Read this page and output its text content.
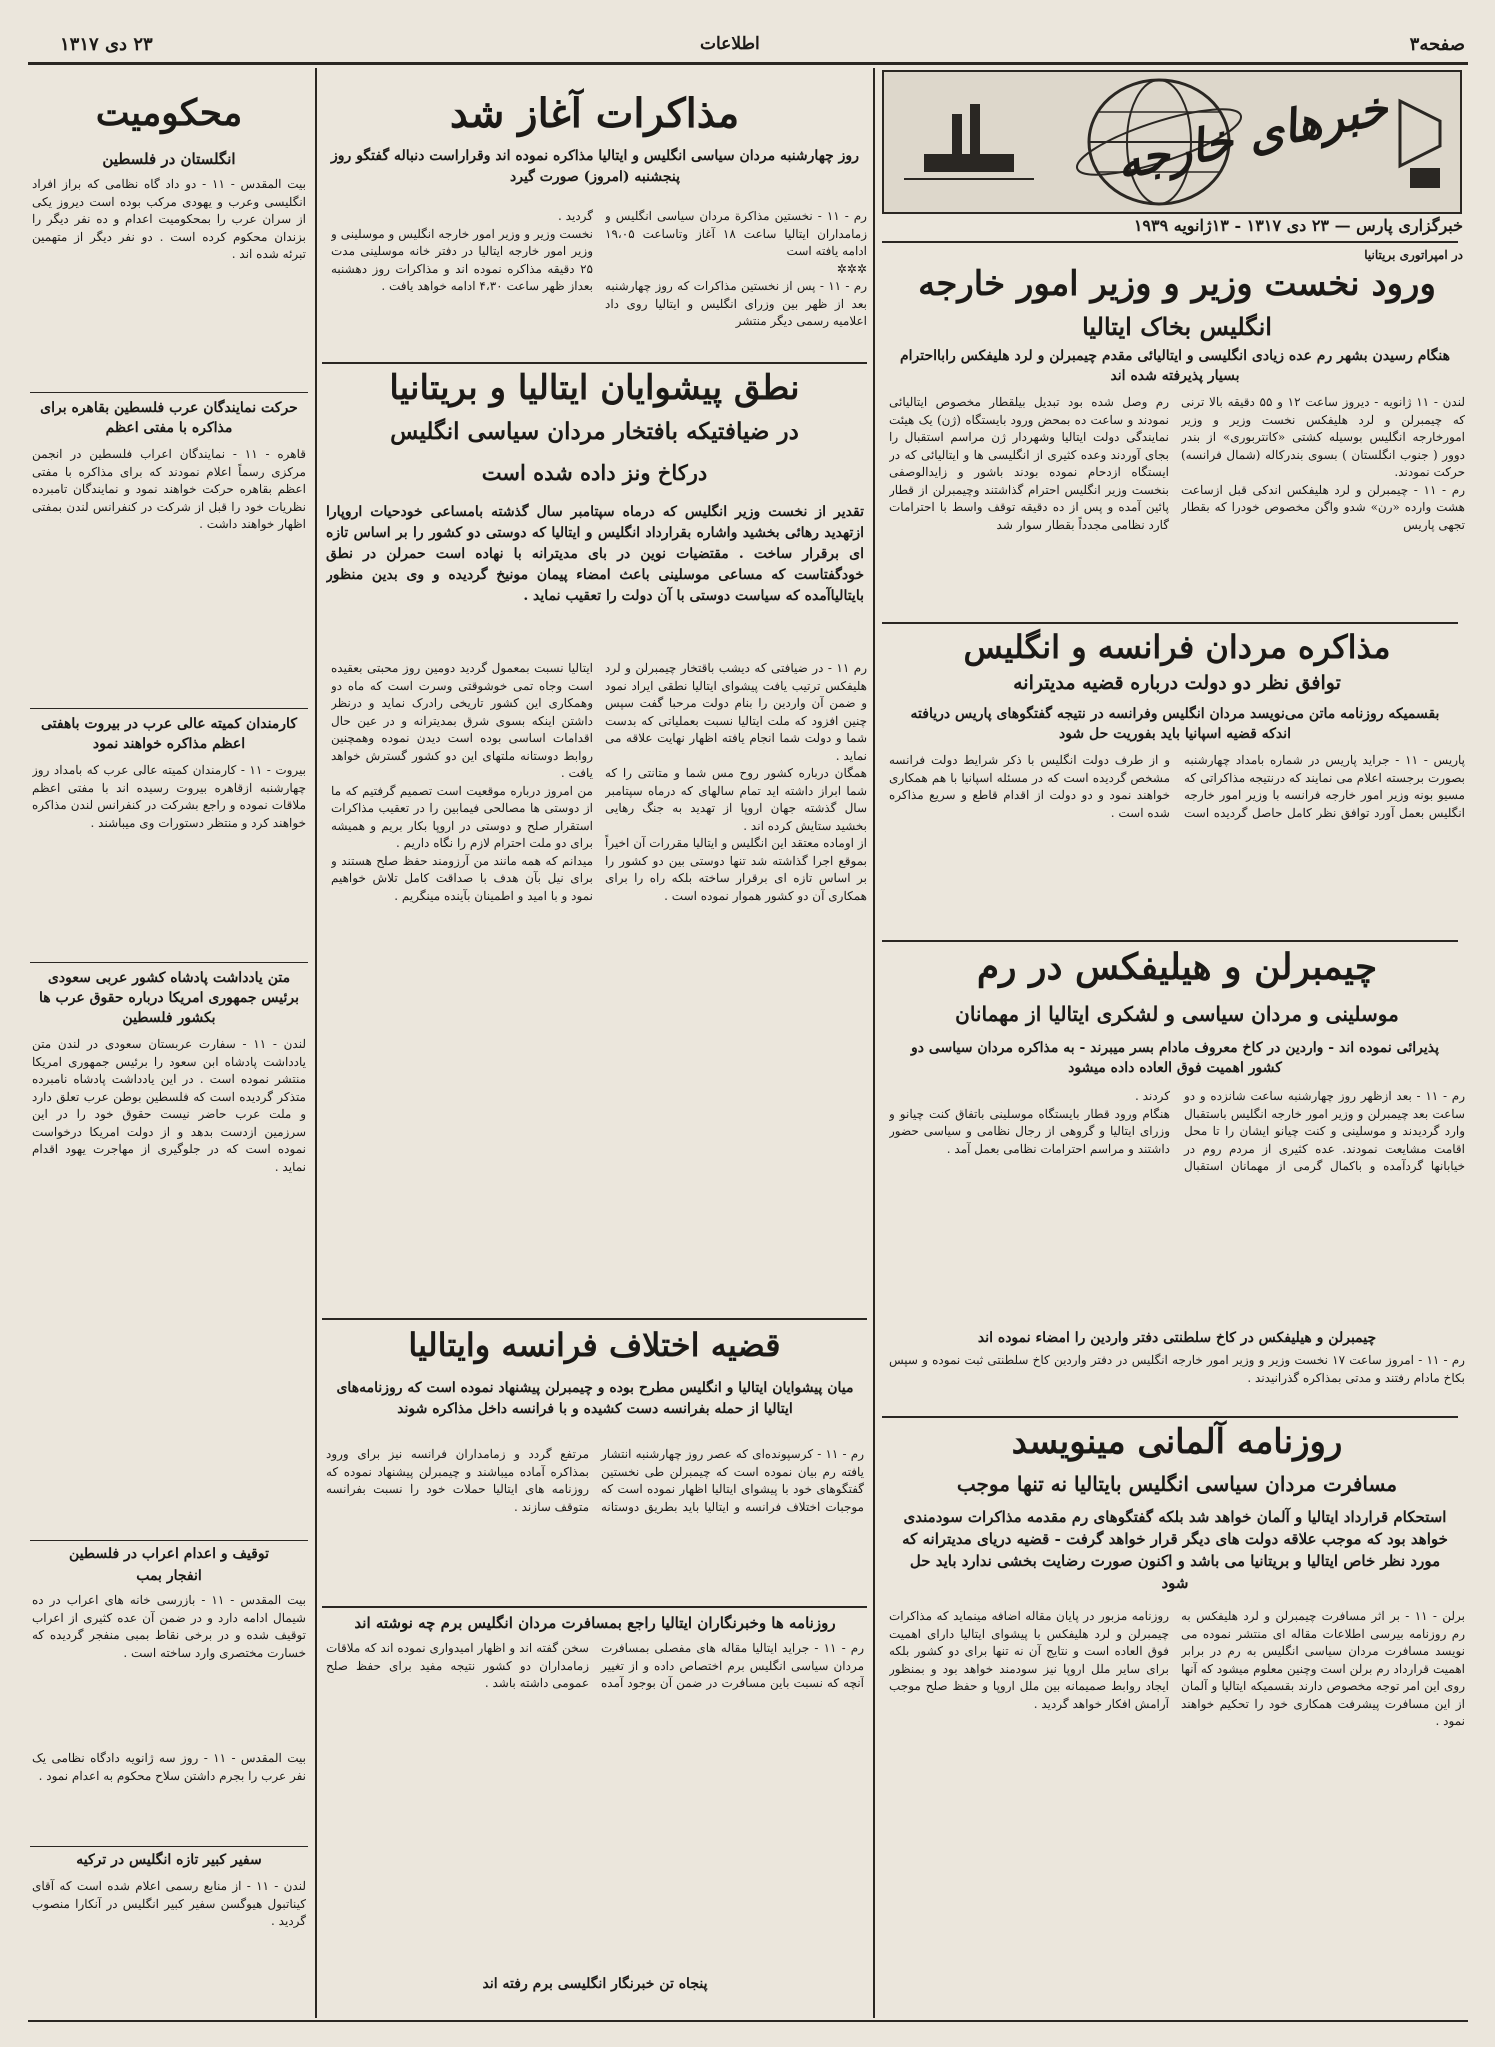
صفحه۳
اطلاعات
۲۳ دی ۱۳۱۷
خبرهای خارجه
خبرگزاری پارس — ۲۳ دی ۱۳۱۷ - ۱۳ژانویه ۱۹۳۹
در امپراتوری بریتانیا
ورود نخست وزیر و وزیر امور خارجه
انگلیس بخاک ایتالیا
هنگام رسیدن بشهر رم عده زیادی انگلیسی و ایتالیائی مقدم چیمبرلن و لرد هلیفکس رابااحترام بسیار پذیرفته شده اند

لندن - ۱۱ ژانویه - دیروز ساعت ۱۲ و ۵۵ دقیقه بالا ترنی که چیمبرلن و لرد هلیفکس نخست وزیر و وزیر امورخارجه انگلیس بوسیله کشتی «کانتربوری» از بندر دوور ( جنوب انگلستان ) بسوی بندرکاله (شمال فرانسه) حرکت نمودند.
رم - ۱۱ - چیمبرلن و لرد هلیفکس اندکی قبل ازساعت هشت وارده «رن» شدو واگن مخصوص خودرا که بقطار تجهی پاریس

رم وصل شده بود تبدیل بیلقطار مخصوص ایتالیائی نمودند و ساعت ده بمحض ورود بایستگاه (ژن) یک هیئت نمایندگی دولت ایتالیا وشهردار ژن مراسم استقبال را بجای آوردند وعده کثیری از انگلیسی ها و ایتالیائی که در ایستگاه ازدحام نموده بودند باشور و زایدالوصفی بنخست وزیر انگلیس احترام گذاشتند وچیمبرلن از قطار پائین آمده و پس از ده دقیقه توقف واسط با احترامات گارد نظامی مجدداً بقطار سوار شد

مذاکره مردان فرانسه و انگلیس
توافق نظر دو دولت درباره قضیه مدیترانه
بقسمیکه روزنامه ماتن می‌نویسد مردان انگلیس وفرانسه در نتیجه گفتگوهای پاریس دریافته اندکه قضیه اسپانیا باید بفوریت حل شود

پاریس - ۱۱ - جراید پاریس در شماره بامداد چهارشنبه بصورت برجسته اعلام می نمایند که درنتیجه مذاکراتی که مسیو بونه وزیر امور خارجه فرانسه با وزیر امور خارجه انگلیس بعمل آورد توافق نظر کامل حاصل گردیده است و از طرف دولت انگلیس با ذکر شرایط دولت فرانسه مشخص گردیده است که در مسئله اسپانیا با هم همکاری خواهند نمود و دو دولت از اقدام قاطع و سریع مذاکره شده است .

چیمبرلن و هیلیفکس در رم
موسلینی و مردان سیاسی و لشکری ایتالیا از مهمانان
پذیرائی نموده اند - واردین در کاخ معروف مادام بسر میبرند - به مذاکره مردان سیاسی دو کشور اهمیت فوق العاده داده میشود

رم - ۱۱ - بعد ازظهر روز چهارشنبه ساعت شانزده و دو ساعت بعد چیمبرلن و وزیر امور خارجه انگلیس باستقبال وارد گردیدند و موسلینی و کنت چیانو ایشان را تا محل اقامت مشایعت نمودند. عده کثیری از مردم روم در خیابانها گردآمده و باکمال گرمی از مهمانان استقبال کردند .
هنگام ورود قطار بایستگاه موسلینی باتفاق کنت چیانو و وزرای ایتالیا و گروهی از رجال نظامی و سیاسی حضور داشتند و مراسم احترامات نظامی بعمل آمد .

چیمبرلن و هیلیفکس در کاخ سلطنتی دفتر واردین را امضاء نموده اند

رم - ۱۱ - امروز ساعت ۱۷ نخست وزیر و وزیر امور خارجه انگلیس در دفتر واردین کاخ سلطنتی ثبت نموده و سپس بکاخ مادام رفتند و مدتی بمذاکره گذرانیدند .

روزنامه آلمانی مینویسد
مسافرت مردان سیاسی انگلیس بایتالیا نه تنها موجب
استحکام قرارداد ایتالیا و آلمان خواهد شد بلکه گفتگوهای رم مقدمه مذاکرات سودمندی خواهد بود که موجب علاقه دولت های دیگر قرار خواهد گرفت - قضیه دریای مدیترانه که مورد نظر خاص ایتالیا و بریتانیا می باشد و اکنون صورت رضایت بخشی ندارد باید حل شود

برلن - ۱۱ - بر اثر مسافرت چیمبرلن و لرد هلیفکس به رم روزنامه بیرسی اطلاعات مقاله ای منتشر نموده می نویسد مسافرت مردان سیاسی انگلیس به رم در برابر اهمیت قرارداد رم برلن است وچنین معلوم میشود که آنها روی این امر توجه مخصوص دارند بقسمیکه ایتالیا و آلمان از این مسافرت پیشرفت همکاری خود را تحکیم خواهند نمود .

روزنامه مزبور در پایان مقاله اضافه مینماید که مذاکرات چیمبرلن و لرد هلیفکس با پیشوای ایتالیا دارای اهمیت فوق العاده است و نتایج آن نه تنها برای دو کشور بلکه برای سایر ملل اروپا نیز سودمند خواهد بود و بمنظور ایجاد روابط صمیمانه بین ملل اروپا و حفظ صلح موجب آرامش افکار خواهد گردید .

مذاکرات آغاز شد
روز چهارشنبه مردان سیاسی انگلیس و ایتالیا مذاکره نموده اند وقراراست دنباله گفتگو روز پنجشنبه (امروز) صورت گیرد

رم - ۱۱ - نخستین مذاکرة مردان سیاسی انگلیس و زمامداران ایتالیا ساعت ۱۸ آغاز وتاساعت ۱۹،۰۵ ادامه یافته است
✲✲✲
رم - ۱۱ - پس از نخستین مذاکرات که روز چهارشنبه بعد از ظهر بین وزرای انگلیس و ایتالیا روی داد اعلامیه رسمی دیگر منتشر

گردید .
نخست وزیر و وزیر امور خارجه انگلیس و موسلینی و وزیر امور خارجه ایتالیا در دفتر خانه موسلینی مدت ۲۵ دقیقه مذاکره نموده اند و مذاکرات روز دهشنبه بعداز ظهر ساعت ۴،۳۰ ادامه خواهد یافت .

نطق پیشوایان ایتالیا و بریتانیا
در ضیافتیکه بافتخار مردان سیاسی انگلیس
درکاخ ونز داده شده است

تقدیر از نخست وزیر انگلیس که درماه سپتامبر سال گذشته بامساعی خودحیات اروپارا ازتهدید رهائی بخشید واشاره بقرارداد انگلیس و ایتالیا که دوستی دو کشور را بر اساس تازه ای برقرار ساخت . مقتضیات نوین در بای مدیترانه با نهاده است حمرلن در نطق خودگفتاست که مساعی موسلینی باعث امضاء پیمان مونیخ گردیده و وی بدین منظور بایتالیاآمده که سیاست دوستی با آن دولت را تعقیب نماید .

رم ۱۱ - در ضیافتی که دیشب باقتخار چیمبرلن و لرد هلیفکس ترتیب یافت پیشوای ایتالیا نطقی ایراد نمود و ضمن آن واردین را بنام دولت مرحبا گفت سپس چنین افزود که ملت ایتالیا نسبت بعملیاتی که بدست شما و دولت شما انجام یافته اظهار نهایت علاقه می نماید .
همگان درباره کشور روح مس شما و متانتی را که شما ابراز داشته اید تمام سالهای که درماه سپتامبر سال گذشته جهان اروپا از تهدید به جنگ رهایی بخشید ستایش کرده اند .
از اوماده معتقد این انگلیس و ایتالیا مقررات آن اخیراً بموقع اجرا گذاشته شد تنها دوستی بین دو کشور را بر اساس تازه ای برقرار ساخته بلکه راه را برای همکاری آن دو کشور هموار نموده است .

ایتالیا نسبت بمعمول گردید دومین روز محبتی بعقیده است وجاه تمی خوشوقتی وسرت است که ماه دو وهمکاری این کشور تاریخی رادرک نماید و درنظر داشتن اینکه بسوی شرق بمدیترانه و در عین حال اقدامات اساسی بوده است دیدن نموده وهمچنین روابط دوستانه ملتهای این دو کشور گسترش خواهد یافت .
من امروز درباره موقعیت است تصمیم گرفتیم که ما از دوستی ها مصالحی فیمابین را در تعقیب مذاکرات استقرار صلح و دوستی در اروپا بکار بریم و همیشه برای دو ملت احترام لازم را نگاه داریم .
میدانم که همه مانند من آرزومند حفظ صلح هستند و برای نیل بآن هدف با صداقت کامل تلاش خواهیم نمود و با امید و اطمینان بآینده مینگریم .

قضیه اختلاف فرانسه وایتالیا
میان پیشوایان ایتالیا و انگلیس مطرح بوده و چیمبرلن پیشنهاد نموده است که روزنامه‌های ایتالیا از حمله بفرانسه دست کشیده و با فرانسه داخل مذاکره شوند

رم - ۱۱ - کرسپونده‌ای که عصر روز چهارشنبه انتشار یافته رم بیان نموده است که چیمبرلن طی نخستین گفتگوهای خود با پیشوای ایتالیا اظهار نموده است که موجبات اختلاف فرانسه و ایتالیا باید بطریق دوستانه مرتفع گردد و زمامداران فرانسه نیز برای ورود بمذاکره آماده میباشند و چیمبرلن پیشنهاد نموده که روزنامه های ایتالیا حملات خود را نسبت بفرانسه متوقف سازند .

روزنامه ها وخبرنگاران ایتالیا راجع بمسافرت مردان انگلیس برم چه نوشته اند

رم - ۱۱ - جراید ایتالیا مقاله های مفصلی بمسافرت مردان سیاسی انگلیس برم اختصاص داده و از تغییر آنچه که نسبت باین مسافرت در ضمن آن بوجود آمده سخن گفته اند و اظهار امیدواری نموده اند که ملاقات زمامداران دو کشور نتیجه مفید برای حفظ صلح عمومی داشته باشد .

پنجاه تن خبرنگار انگلیسی برم رفته اند
محکومیت
انگلستان در فلسطین

بیت المقدس - ۱۱ - دو داد گاه نظامی که براز افراد انگلیسی وعرب و یهودی مرکب بوده است دیروز یکی از سران عرب را بمحکومیت اعدام و ده نفر دیگر را بزندان محکوم کرده است . دو نفر دیگر از متهمین تبرئه شده اند .

حرکت نمایندگان عرب فلسطین بقاهره برای مذاکره با مفتی اعظم

قاهره - ۱۱ - نمایندگان اعراب فلسطین در انجمن مرکزی رسماً اعلام نمودند که برای مذاکره با مفتی اعظم بقاهره حرکت خواهند نمود و نمایندگان تامبرده نظریات خود را قبل از شرکت در کنفرانس لندن بمفتی اظهار خواهند داشت .

کارمندان کمیته عالی عرب در بیروت باهفتی اعظم مذاکره خواهند نمود

بیروت - ۱۱ - کارمندان کمیته عالی عرب که بامداد روز چهارشنبه ازقاهره بیروت رسیده اند با مفتی اعظم ملاقات نموده و راجع بشرکت در کنفرانس لندن مذاکره خواهند کرد و منتظر دستورات وی میباشند .

متن یادداشت پادشاه کشور عربی سعودی برئیس جمهوری امریکا درباره حقوق عرب ها بکشور فلسطین

لندن - ۱۱ - سفارت عربستان سعودی در لندن متن یادداشت پادشاه ابن سعود را برئیس جمهوری امریکا منتشر نموده است . در این یادداشت پادشاه نامبرده متذکر گردیده است که فلسطین بوطن عرب تعلق دارد و ملت عرب حاضر نیست حقوق خود را در این سرزمین ازدست بدهد و از دولت امریکا درخواست نموده است که در جلوگیری از مهاجرت یهود اقدام نماید .

توقیف و اعدام اعراب در فلسطین
انفجار بمب

بیت المقدس - ۱۱ - بازرسی خانه های اعراب در ده شیمال ادامه دارد و در ضمن آن عده کثیری از اعراب توقیف شده و در برخی نقاط بمبی منفجر گردیده که خسارت مختصری وارد ساخته است .

بیت المقدس - ۱۱ - روز سه ژانویه دادگاه نظامی یک نفر عرب را بجرم داشتن سلاح محکوم به اعدام نمود .

سفیر کبیر تازه انگلیس در ترکیه

لندن - ۱۱ - از منابع رسمی اعلام شده است که آقای کیناتبول هیوگسن سفیر کبیر انگلیس در آنکارا منصوب گردید .
